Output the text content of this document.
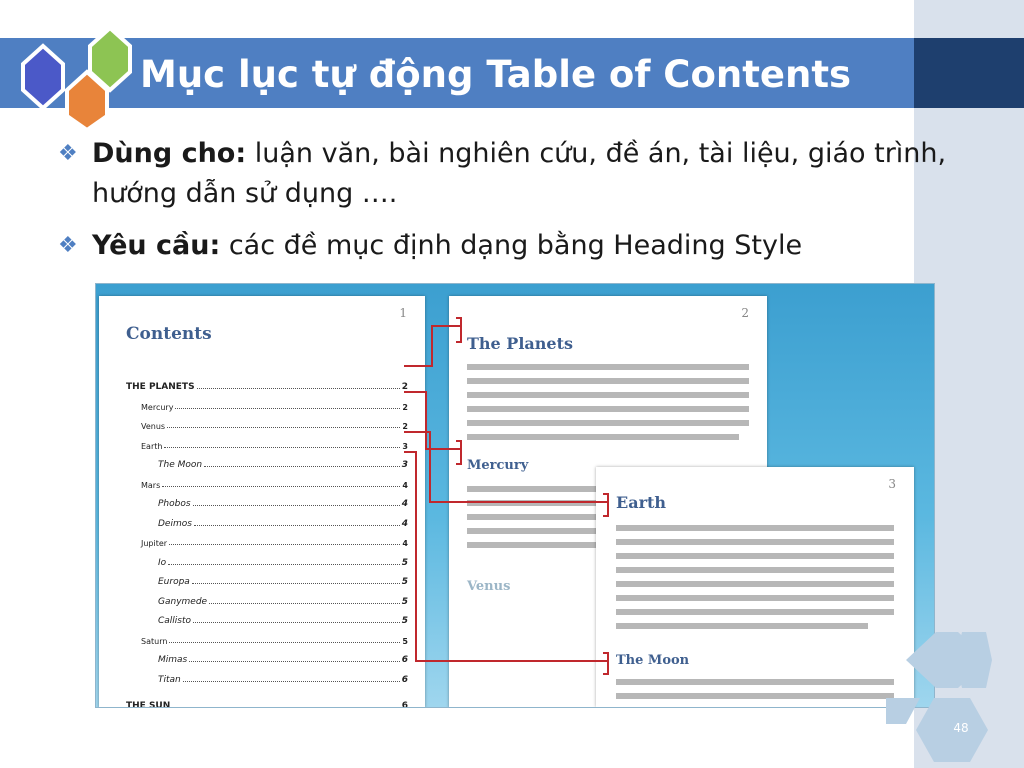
Mục lục tự động Table of Contents
❖ Dùng cho: luận văn, bài nghiên cứu, đề án, tài liệu, giáo trình, hướng dẫn sử dụng ….
❖ Yêu cầu: các đề mục định dạng bằng Heading Style
1
Contents
THE PLANETS	2
Mercury	2
Venus	2
Earth	3
The Moon	3
Mars	4
Phobos	4
Deimos	4
Jupiter	4
Io	5
Europa	5
Ganymede	5
Callisto	5
Saturn	5
Mimas	6
Titan	6
THE SUN	6
2
The Planets
Mercury
Venus
3
Earth
The Moon
48
